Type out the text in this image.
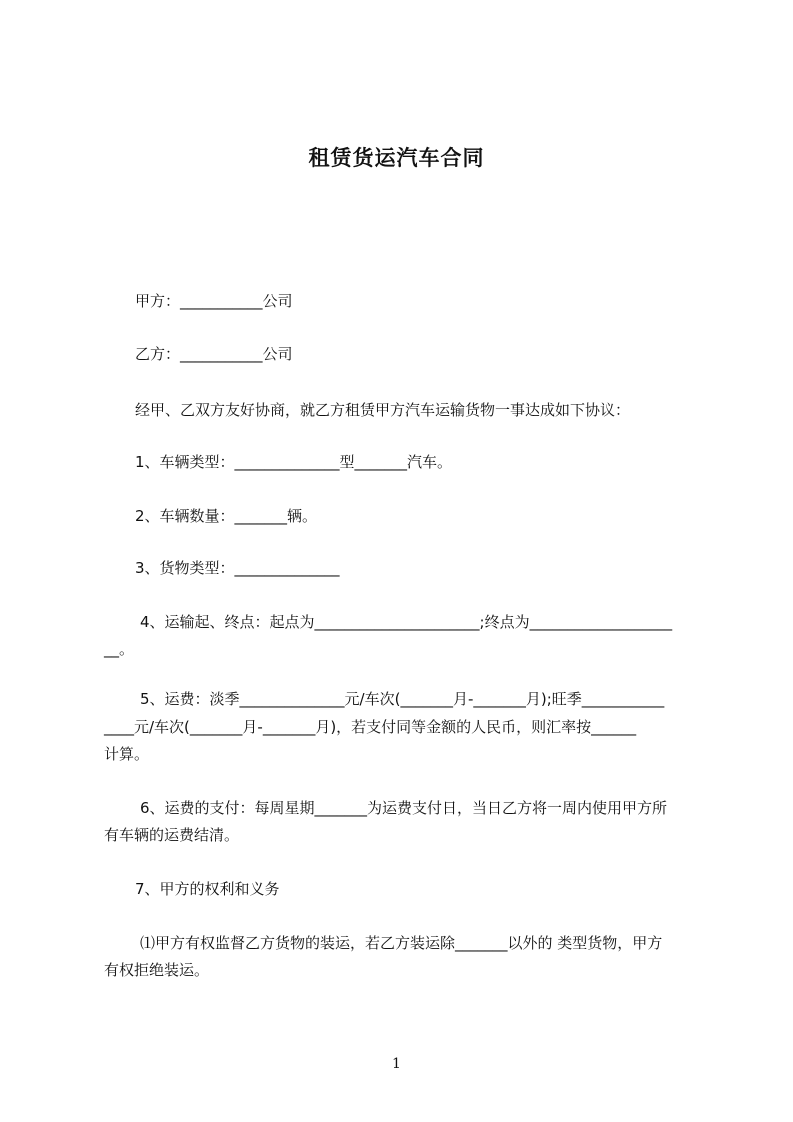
租赁货运汽车合同
甲方：___________公司
乙方：___________公司
经甲、乙双方友好协商，就乙方租赁甲方汽车运输货物一事达成如下协议：
1、车辆类型：______________型_______汽车。
2、车辆数量：_______辆。
3、货物类型：______________
4、运输起、终点：起点为______________________;终点为___________________
__。
5、运费：淡季______________元/车次(_______月-_______月);旺季___________
____元/车次(_______月-_______月)，若支付同等金额的人民币，则汇率按______
计算。
6、运费的支付：每周星期_______为运费支付日，当日乙方将一周内使用甲方所
有车辆的运费结清。
7、甲方的权利和义务
⑴甲方有权监督乙方货物的装运，若乙方装运除_______以外的 类型货物，甲方
有权拒绝装运。
1
